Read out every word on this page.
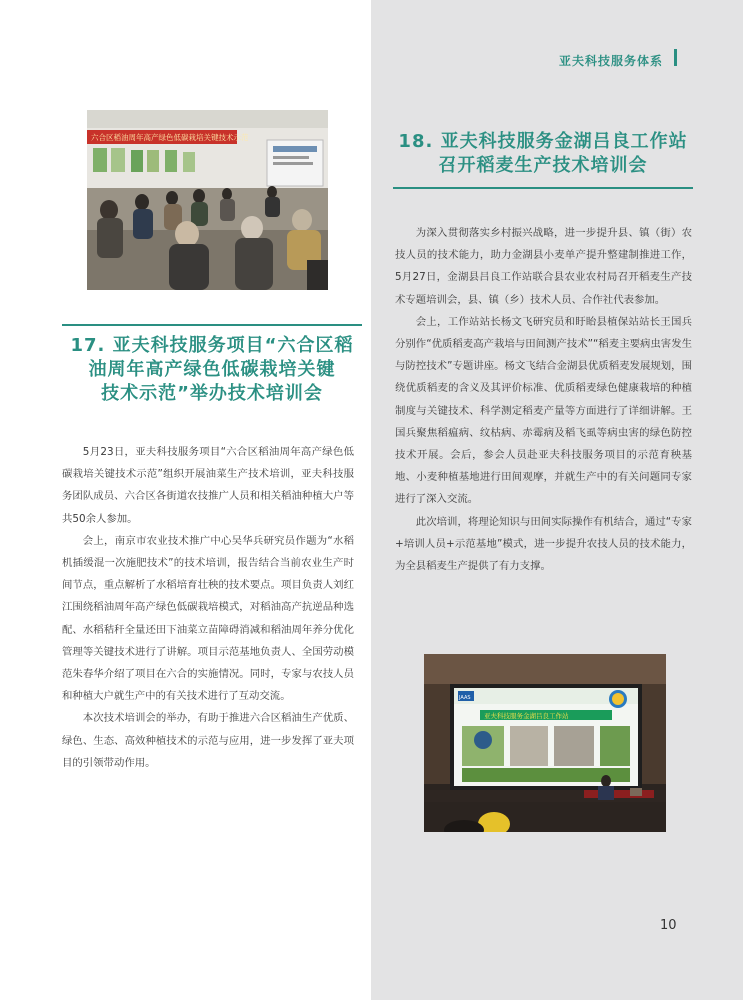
亚夫科技服务体系
六合区稻油周年高产绿色低碳栽培关键技术示范
17. 亚夫科技服务项目“六合区稻
油周年高产绿色低碳栽培关键
技术示范”举办技术培训会

5月23日，亚夫科技服务项目“六合区稻油周年高产绿色低碳栽培关键技术示范”组织开展油菜生产技术培训，亚夫科技服务团队成员、六合区各街道农技推广人员和相关稻油种植大户等共50余人参加。

会上，南京市农业技术推广中心吴华兵研究员作题为“水稻机插缓混一次施肥技术”的技术培训，报告结合当前农业生产时间节点，重点解析了水稻培育壮秧的技术要点。项目负责人刘红江围绕稻油周年高产绿色低碳栽培模式，对稻油高产抗逆品种选配、水稻秸秆全量还田下油菜立苗障碍消减和稻油周年养分优化管理等关键技术进行了讲解。项目示范基地负责人、全国劳动模范朱春华介绍了项目在六合的实施情况。同时，专家与农技人员和种植大户就生产中的有关技术进行了互动交流。

本次技术培训会的举办，有助于推进六合区稻油生产优质、绿色、生态、高效种植技术的示范与应用，进一步发挥了亚夫项目的引领带动作用。

18. 亚夫科技服务金湖吕良工作站
召开稻麦生产技术培训会

为深入贯彻落实乡村振兴战略，进一步提升县、镇（街）农技人员的技术能力，助力金湖县小麦单产提升整建制推进工作，5月27日，金湖县吕良工作站联合县农业农村局召开稻麦生产技术专题培训会，县、镇（乡）技术人员、合作社代表参加。

会上，工作站站长杨文飞研究员和盱眙县植保站站长王国兵分别作“优质稻麦高产栽培与田间测产技术”“稻麦主要病虫害发生与防控技术”专题讲座。杨文飞结合金湖县优质稻麦发展规划，围绕优质稻麦的含义及其评价标准、优质稻麦绿色健康栽培的种植制度与关键技术、科学测定稻麦产量等方面进行了详细讲解。王国兵聚焦稻瘟病、纹枯病、赤霉病及稻飞虱等病虫害的绿色防控技术开展。会后，参会人员赴亚夫科技服务项目的示范育秧基地、小麦种植基地进行田间观摩，并就生产中的有关问题同专家进行了深入交流。

此次培训，将理论知识与田间实际操作有机结合，通过“专家+培训人员+示范基地”模式，进一步提升农技人员的技术能力，为全县稻麦生产提供了有力支撑。

JAAS
亚夫科技服务金湖吕良工作站
10
